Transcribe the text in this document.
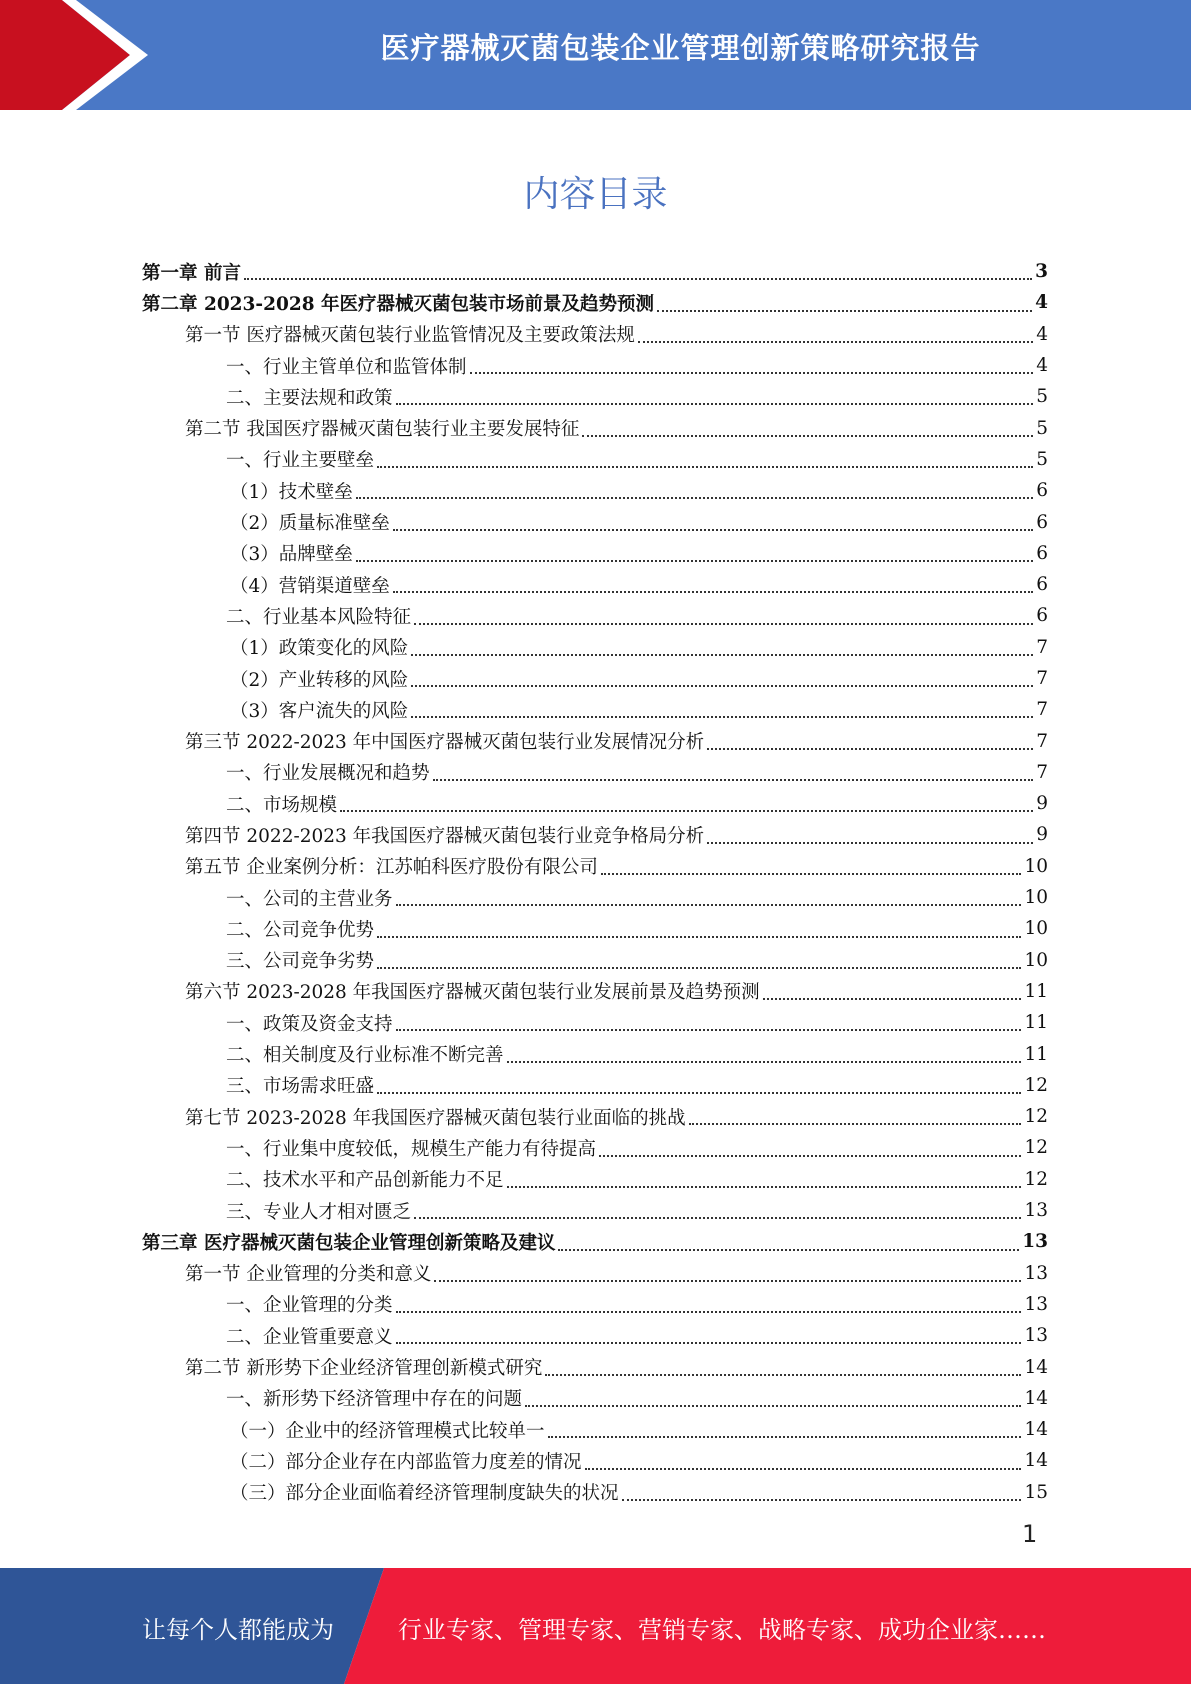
医疗器械灭菌包装企业管理创新策略研究报告
内容目录
第一章 前言	3
第二章 2023-2028 年医疗器械灭菌包装市场前景及趋势预测	4
第一节 医疗器械灭菌包装行业监管情况及主要政策法规	4
一、行业主管单位和监管体制	4
二、主要法规和政策	5
第二节 我国医疗器械灭菌包装行业主要发展特征	5
一、行业主要壁垒	5
（1）技术壁垒	6
（2）质量标准壁垒	6
（3）品牌壁垒	6
（4）营销渠道壁垒	6
二、行业基本风险特征	6
（1）政策变化的风险	7
（2）产业转移的风险	7
（3）客户流失的风险	7
第三节 2022-2023 年中国医疗器械灭菌包装行业发展情况分析	7
一、行业发展概况和趋势	7
二、市场规模	9
第四节 2022-2023 年我国医疗器械灭菌包装行业竞争格局分析	9
第五节 企业案例分析：江苏帕科医疗股份有限公司	10
一、公司的主营业务	10
二、公司竞争优势	10
三、公司竞争劣势	10
第六节 2023-2028 年我国医疗器械灭菌包装行业发展前景及趋势预测	11
一、政策及资金支持	11
二、相关制度及行业标准不断完善	11
三、市场需求旺盛	12
第七节 2023-2028 年我国医疗器械灭菌包装行业面临的挑战	12
一、行业集中度较低，规模生产能力有待提高	12
二、技术水平和产品创新能力不足	12
三、专业人才相对匮乏	13
第三章 医疗器械灭菌包装企业管理创新策略及建议	13
第一节 企业管理的分类和意义	13
一、企业管理的分类	13
二、企业管重要意义	13
第二节 新形势下企业经济管理创新模式研究	14
一、新形势下经济管理中存在的问题	14
（一）企业中的经济管理模式比较单一	14
（二）部分企业存在内部监管力度差的情况	14
（三）部分企业面临着经济管理制度缺失的状况	15
1
让每个人都能成为	行业专家、管理专家、营销专家、战略专家、成功企业家……
